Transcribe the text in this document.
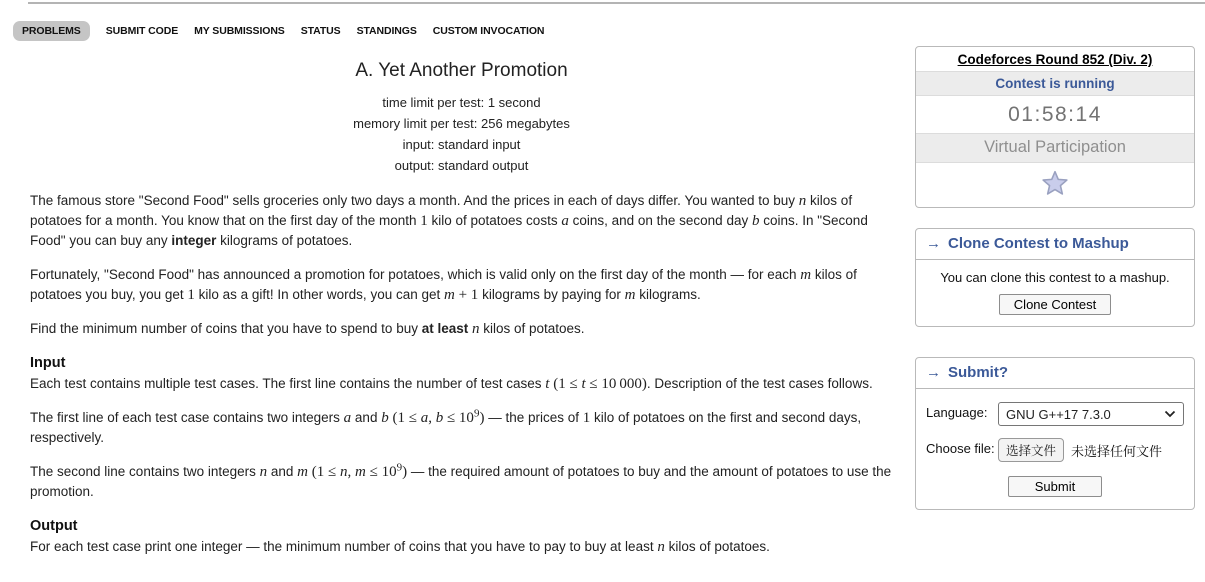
PROBLEMS	SUBMIT CODE MY SUBMISSIONS STATUS STANDINGS CUSTOM INVOCATION
A. Yet Another Promotion
time limit per test: 1 second
memory limit per test: 256 megabytes
input: standard input
output: standard output
The famous store "Second Food" sells groceries only two days a month. And the prices in each of days differ. You wanted to buy n kilos of potatoes for a month. You know that on the first day of the month 1 kilo of potatoes costs a coins, and on the second day b coins. In "Second Food" you can buy any integer kilograms of potatoes.
Fortunately, "Second Food" has announced a promotion for potatoes, which is valid only on the first day of the month — for each m kilos of potatoes you buy, you get 1 kilo as a gift! In other words, you can get m + 1 kilograms by paying for m kilograms.
Find the minimum number of coins that you have to spend to buy at least n kilos of potatoes.
Input
Each test contains multiple test cases. The first line contains the number of test cases t (1 ≤ t ≤ 10 000). Description of the test cases follows.
The first line of each test case contains two integers a and b (1 ≤ a, $b \le 10^9$) — the prices of 1 kilo of potatoes on the first and second days, respectively.
The second line contains two integers n and m (1 ≤ n, $m \le 10^9$) — the required amount of potatoes to buy and the amount of potatoes to use the promotion.
Output
For each test case print one integer — the minimum number of coins that you have to pay to buy at least n kilos of potatoes.
Codeforces Round 852 (Div. 2)
Contest is running
01:58:14
Virtual Participation
→ Clone Contest to Mashup
You can clone this contest to a mashup.
Clone Contest
→ Submit?
Language:	GNU G++17 7.3.0
Choose file: 选择文件	未选择任何文件
Submit
